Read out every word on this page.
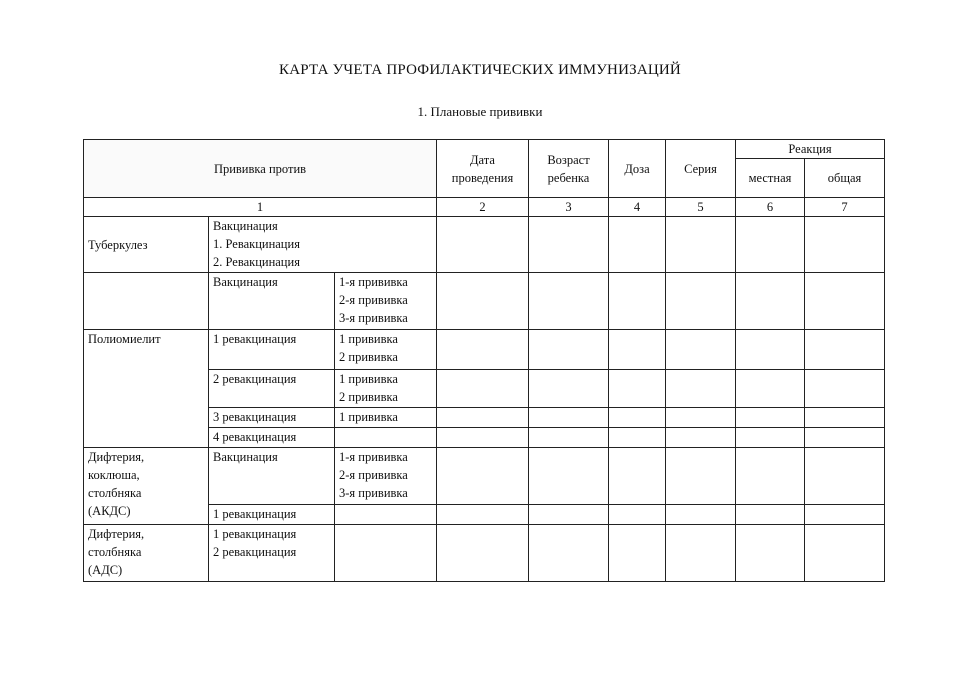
КАРТА УЧЕТА ПРОФИЛАКТИЧЕСКИХ ИММУНИЗАЦИЙ
1. Плановые прививки
Прививка против			Дата проведения	Возраст ребенка	Доза	Серия	Реакция	
							местная	общая
1			2	3	4	5	6	7
Туберкулез	Вакцинация
1. Ревакцинация
2. Ревакцинация							

	Вакцинация	1-я прививка
2-я прививка
3-я прививка						

Полиомиелит	1 ревакцинация	1 прививка
2 прививка						

	2 ревакцинация	1 прививка
2 прививка						

	3 ревакцинация	1 прививка						
	4 ревакцинация							

Дифтерия,
коклюша,
столбняка
(АКДС)	Вакцинация	1-я прививка
2-я прививка
3-я прививка						

	1 ревакцинация							

Дифтерия,
столбняка
(АДС)	1 ревакцинация
2 ревакцинация							
